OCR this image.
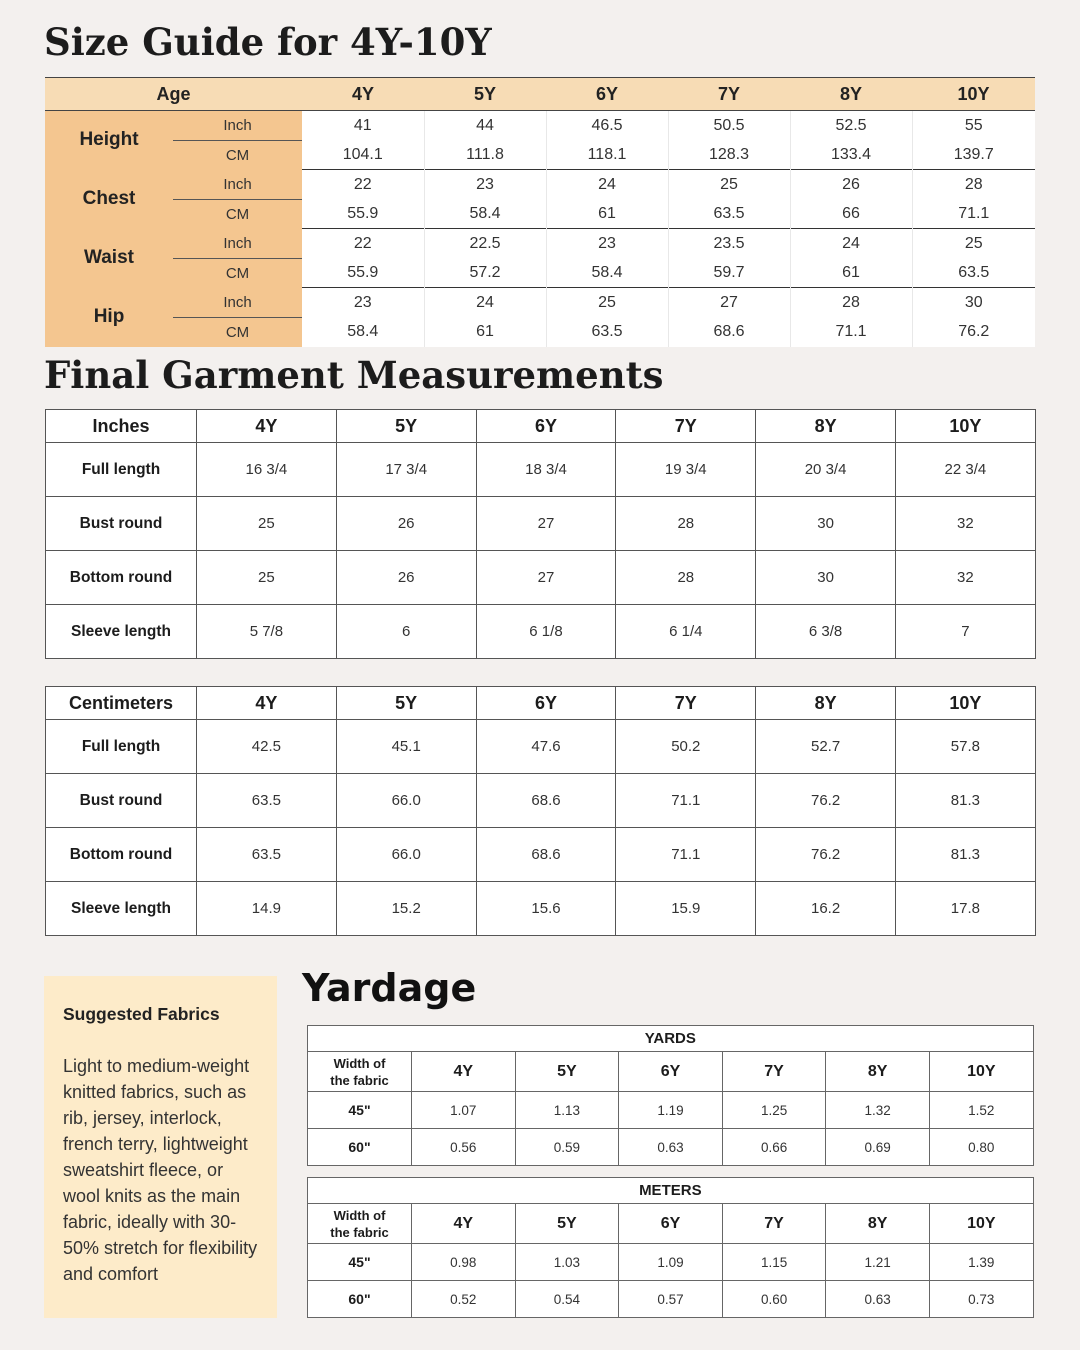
Size Guide for 4Y-10Y
Age		4Y	5Y	6Y	7Y	8Y	10Y
Height	Inch	41	44	46.5	50.5	52.5	55
	CM	104.1	111.8	118.1	128.3	133.4	139.7
Chest	Inch	22	23	24	25	26	28
	CM	55.9	58.4	61	63.5	66	71.1
Waist	Inch	22	22.5	23	23.5	24	25
	CM	55.9	57.2	58.4	59.7	61	63.5
Hip	Inch	23	24	25	27	28	30
	CM	58.4	61	63.5	68.6	71.1	76.2
Final Garment Measurements
Inches	4Y	5Y	6Y	7Y	8Y	10Y
Full length	16 3/4	17 3/4	18 3/4	19 3/4	20 3/4	22 3/4
Bust round	25	26	27	28	30	32
Bottom round	25	26	27	28	30	32
Sleeve length	5 7/8	6	6 1/8	6 1/4	6 3/8	7
Centimeters	4Y	5Y	6Y	7Y	8Y	10Y
Full length	42.5	45.1	47.6	50.2	52.7	57.8
Bust round	63.5	66.0	68.6	71.1	76.2	81.3
Bottom round	63.5	66.0	68.6	71.1	76.2	81.3
Sleeve length	14.9	15.2	15.6	15.9	16.2	17.8
Suggested Fabrics
Light to medium-weight knitted fabrics, such as rib, jersey, interlock, french terry, lightweight sweatshirt fleece, or wool knits as the main fabric, ideally with 30-50% stretch for flexibility and comfort
Yardage
YARDS						

Width of
the fabric	4Y	5Y	6Y	7Y	8Y	10Y
45"	1.07	1.13	1.19	1.25	1.32	1.52
60"	0.56	0.59	0.63	0.66	0.69	0.80
METERS						

Width of
the fabric	4Y	5Y	6Y	7Y	8Y	10Y
45"	0.98	1.03	1.09	1.15	1.21	1.39
60"	0.52	0.54	0.57	0.60	0.63	0.73
